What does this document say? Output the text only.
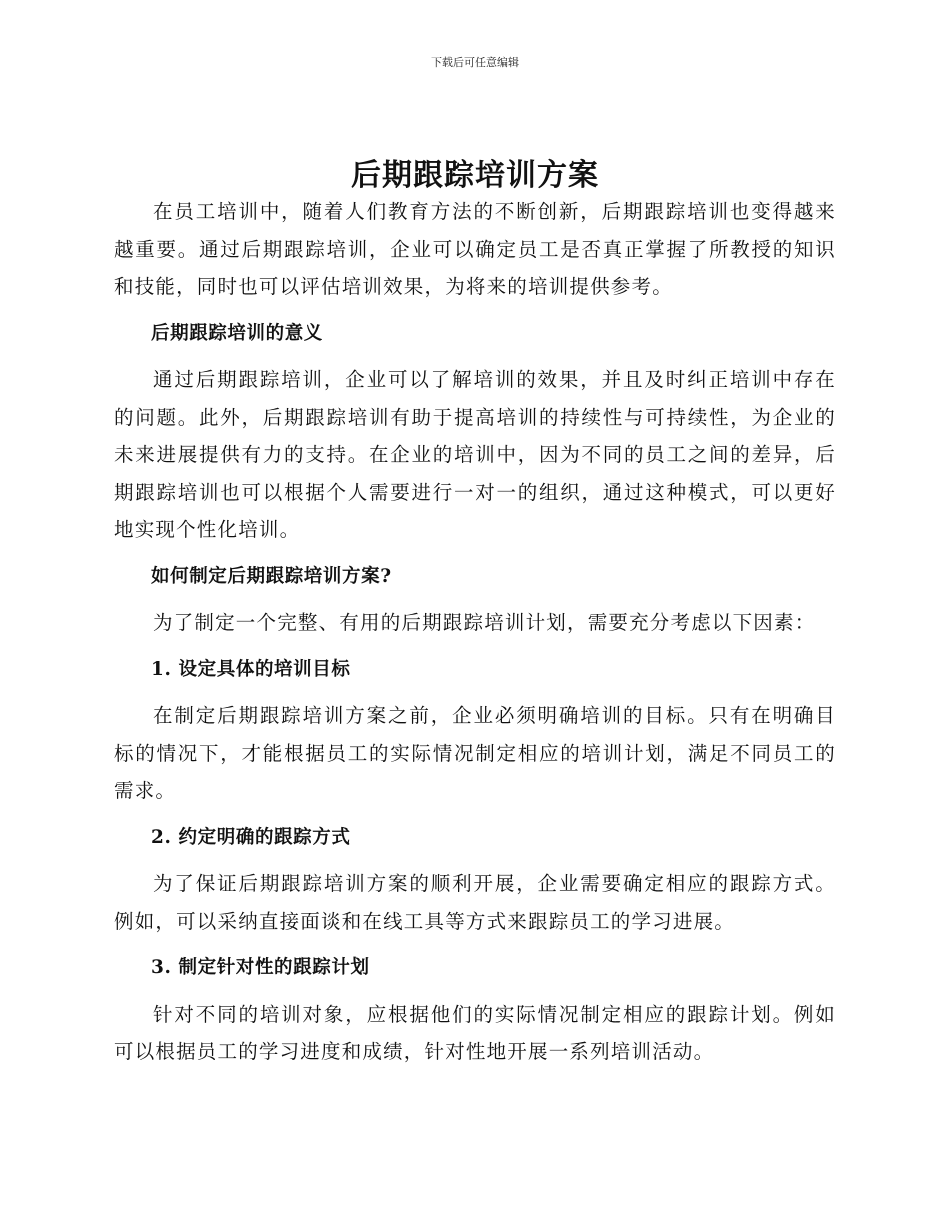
下载后可任意编辑
后期跟踪培训方案

在员工培训中，随着人们教育方法的不断创新，后期跟踪培训也变得越来越重要。通过后期跟踪培训，企业可以确定员工是否真正掌握了所教授的知识和技能，同时也可以评估培训效果，为将来的培训提供参考。

后期跟踪培训的意义

通过后期跟踪培训，企业可以了解培训的效果，并且及时纠正培训中存在的问题。此外，后期跟踪培训有助于提高培训的持续性与可持续性，为企业的未来进展提供有力的支持。在企业的培训中，因为不同的员工之间的差异，后期跟踪培训也可以根据个人需要进行一对一的组织，通过这种模式，可以更好地实现个性化培训。

如何制定后期跟踪培训方案?

为了制定一个完整、有用的后期跟踪培训计划，需要充分考虑以下因素：

1. 设定具体的培训目标

在制定后期跟踪培训方案之前，企业必须明确培训的目标。只有在明确目标的情况下，才能根据员工的实际情况制定相应的培训计划，满足不同员工的需求。

2. 约定明确的跟踪方式

为了保证后期跟踪培训方案的顺利开展，企业需要确定相应的跟踪方式。例如，可以采纳直接面谈和在线工具等方式来跟踪员工的学习进展。

3. 制定针对性的跟踪计划

针对不同的培训对象，应根据他们的实际情况制定相应的跟踪计划。例如可以根据员工的学习进度和成绩，针对性地开展一系列培训活动。
